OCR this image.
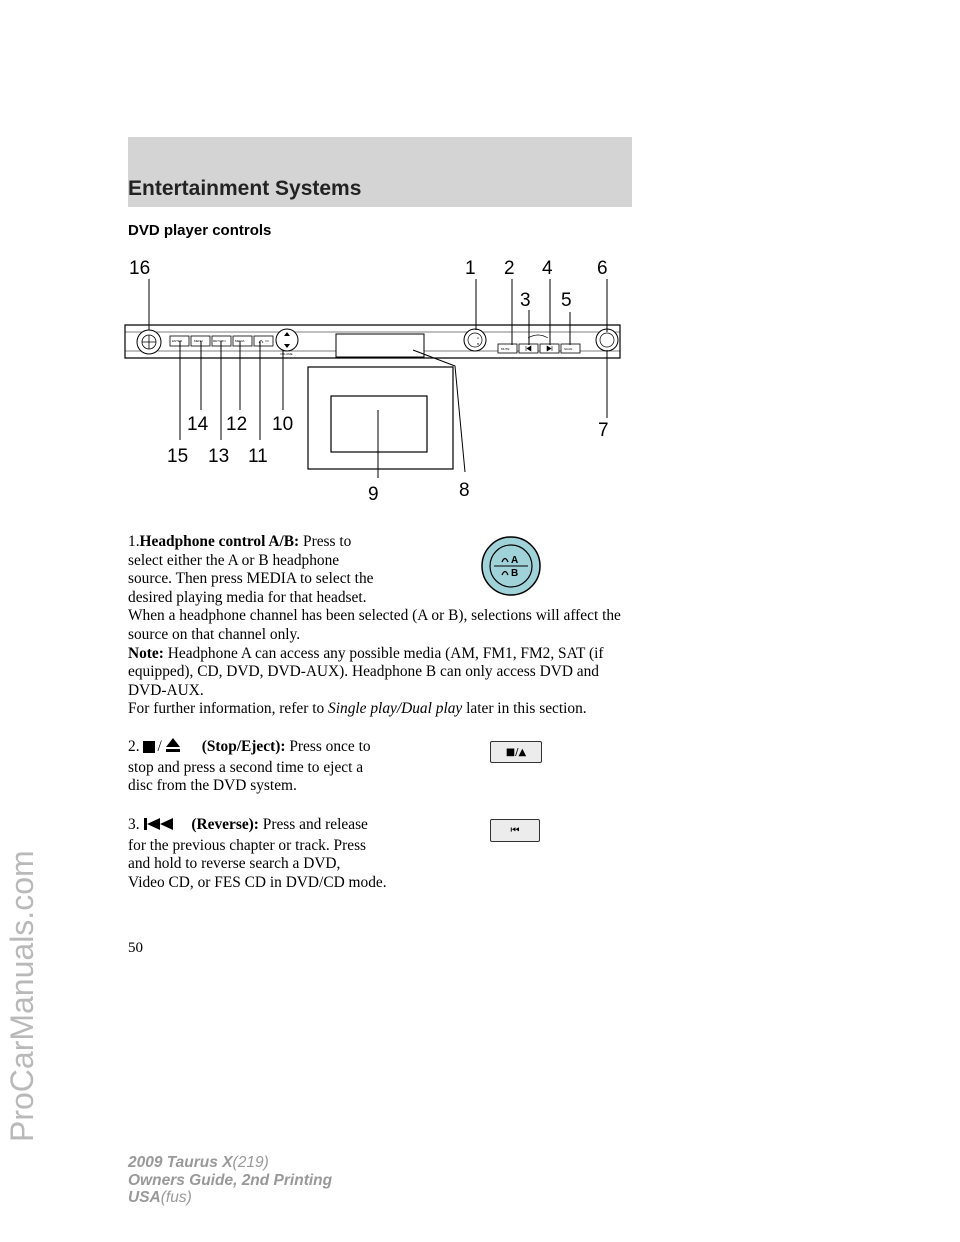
Entertainment Systems
ProCarManuals.com
DVD player controls
ENTER	MENU	RETURN	MEDIA
VOLUME
A
B
MUTE	SCAN
16	1 2 4 6
3 5
14 12 10	7
15 13 11
9	8
A
B

1.Headphone control A/B: Press to select either the A or B headphone source. Then press MEDIA to select the desired playing media for that headset. When a headphone channel has been selected (A or B), selections will affect the source on that channel only.

Note: Headphone A can access any possible media (AM, FM1, FM2, SAT (if equipped), CD, DVD, DVD-AUX). Headphone B can only access DVD and DVD-AUX.
For further information, refer to Single play/Dual play later in this section.

2. /	(Stop/Eject): Press once to stop and press a second time to eject a disc from the DVD system.

■/▲

3.	(Reverse): Press and release for the previous chapter or track. Press and hold to reverse search a DVD, Video CD, or FES CD in DVD/CD mode.

⏮

50

2009 Taurus X(219)
Owners Guide, 2nd Printing
USA(fus)
